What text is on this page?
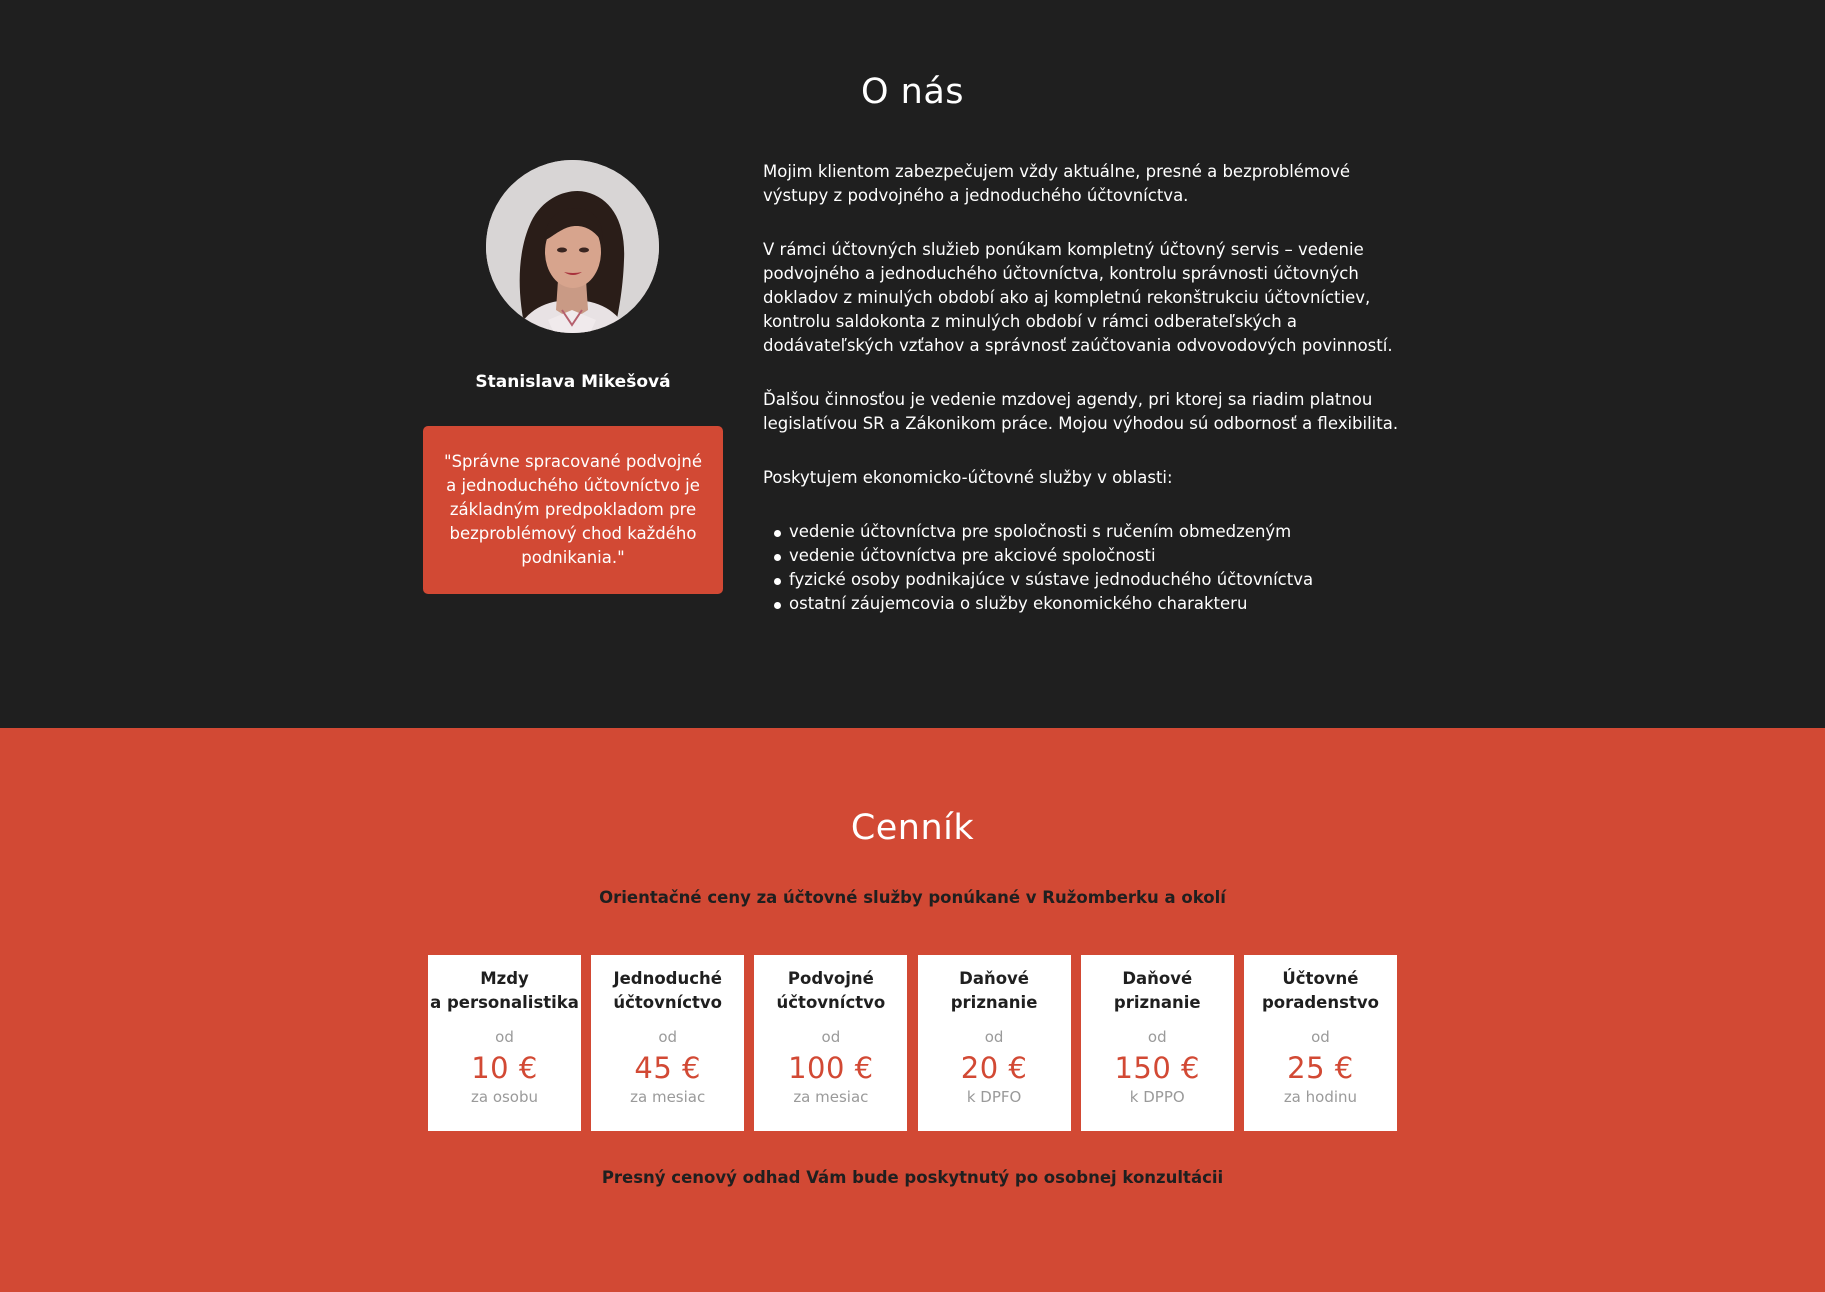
O nás
Stanislava Mikešová
"Správne spracované podvojné a jednoduchého účtovníctvo je základným predpokladom pre bezproblémový chod každého podnikania."

Mojim klientom zabezpečujem vždy aktuálne, presné a bezproblémové výstupy z podvojného a jednoduchého účtovníctva.

V rámci účtovných služieb ponúkam kompletný účtovný servis – vedenie podvojného a jednoduchého účtovníctva, kontrolu správnosti účtovných dokladov z minulých období ako aj kompletnú rekonštrukciu účtovníctiev, kontrolu saldokonta z minulých období v rámci odberateľských a dodávateľských vzťahov a správnosť zaúčtovania odvovodových povinností.

Ďalšou činnosťou je vedenie mzdovej agendy, pri ktorej sa riadim platnou legislatívou SR a Zákonikom práce. Mojou výhodou sú odbornosť a flexibilita.

Poskytujem ekonomicko-účtovné služby v oblasti:

vedenie účtovníctva pre spoločnosti s ručením obmedzeným
vedenie účtovníctva pre akciové spoločnosti
fyzické osoby podnikajúce v sústave jednoduchého účtovníctva
ostatní záujemcovia o služby ekonomického charakteru
Cenník
Orientačné ceny za účtovné služby ponúkané v Ružomberku a okolí
Mzdy
a personalistika
od
10 €
za osobu
Jednoduché
účtovníctvo
od
45 €
za mesiac
Podvojné
účtovníctvo
od
100 €
za mesiac
Daňové
priznanie
od
20 €
k DPFO
Daňové
priznanie
od
150 €
k DPPO
Účtovné
poradenstvo
od
25 €
za hodinu
Presný cenový odhad Vám bude poskytnutý po osobnej konzultácii
